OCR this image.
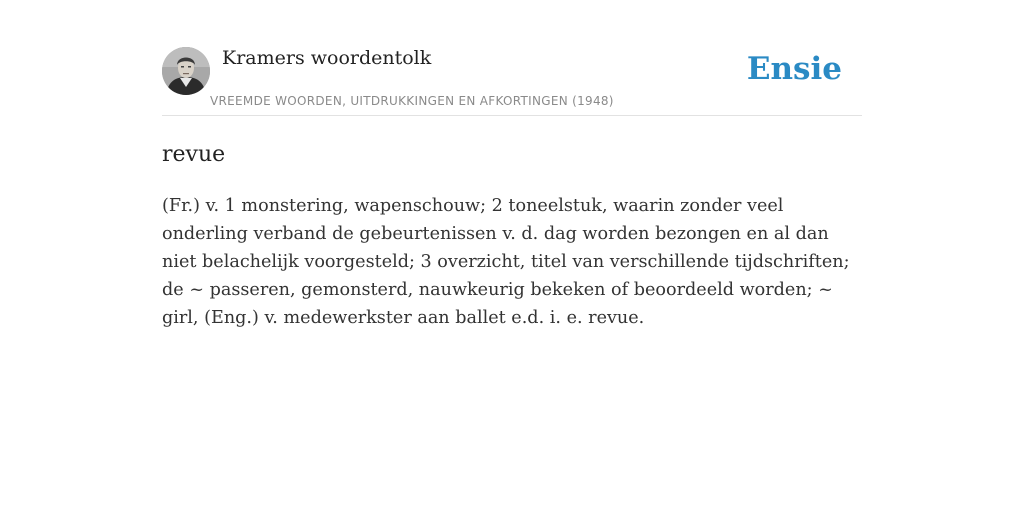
Kramers woordentolk
VREEMDE WOORDEN, UITDRUKKINGEN EN AFKORTINGEN (1948)
Ensie
revue

(Fr.) v. 1 monstering, wapenschouw; 2 toneelstuk, waarin zonder veel onderling verband de gebeurtenissen v. d. dag worden bezongen en al dan niet belachelijk voorgesteld; 3 overzicht, titel van verschillende tijdschriften; de ~ passeren, gemonsterd, nauwkeurig bekeken of beoordeeld worden; ~ girl, (Eng.) v. medewerkster aan ballet e.d. i. e. revue.
